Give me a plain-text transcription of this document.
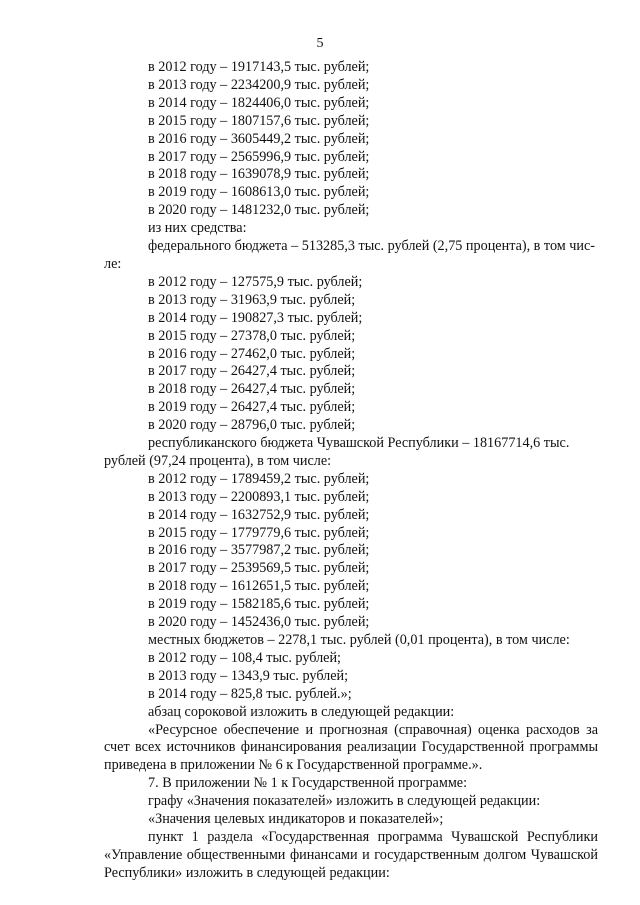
5
в 2012 году – 1917143,5 тыс. рублей;
в 2013 году – 2234200,9 тыс. рублей;
в 2014 году – 1824406,0 тыс. рублей;
в 2015 году – 1807157,6 тыс. рублей;
в 2016 году – 3605449,2 тыс. рублей;
в 2017 году – 2565996,9 тыс. рублей;
в 2018 году – 1639078,9 тыс. рублей;
в 2019 году – 1608613,0 тыс. рублей;
в 2020 году – 1481232,0 тыс. рублей;
из них средства:
федерального бюджета – 513285,3 тыс. рублей (2,75 процента), в том чис-
ле:
в 2012 году – 127575,9 тыс. рублей;
в 2013 году – 31963,9 тыс. рублей;
в 2014 году – 190827,3 тыс. рублей;
в 2015 году – 27378,0 тыс. рублей;
в 2016 году – 27462,0 тыс. рублей;
в 2017 году – 26427,4 тыс. рублей;
в 2018 году – 26427,4 тыс. рублей;
в 2019 году – 26427,4 тыс. рублей;
в 2020 году – 28796,0 тыс. рублей;
республиканского бюджета Чувашской Республики – 18167714,6 тыс.
рублей (97,24 процента), в том числе:
в 2012 году – 1789459,2 тыс. рублей;
в 2013 году – 2200893,1 тыс. рублей;
в 2014 году – 1632752,9 тыс. рублей;
в 2015 году – 1779779,6 тыс. рублей;
в 2016 году – 3577987,2 тыс. рублей;
в 2017 году – 2539569,5 тыс. рублей;
в 2018 году – 1612651,5 тыс. рублей;
в 2019 году – 1582185,6 тыс. рублей;
в 2020 году – 1452436,0 тыс. рублей;
местных бюджетов – 2278,1 тыс. рублей (0,01 процента), в том числе:
в 2012 году – 108,4 тыс. рублей;
в 2013 году – 1343,9 тыс. рублей;
в 2014 году – 825,8 тыс. рублей.»;
абзац сороковой изложить в следующей редакции:
«Ресурсное обеспечение и прогнозная (справочная) оценка расходов за счет всех источников финансирования реализации Государственной программы приведена в приложении № 6 к Государственной программе.».
7. В приложении № 1 к Государственной программе:
графу «Значения показателей» изложить в следующей редакции:
«Значения целевых индикаторов и показателей»;
пункт 1 раздела «Государственная программа Чувашской Республики «Управление общественными финансами и государственным долгом Чувашской Республики» изложить в следующей редакции:
